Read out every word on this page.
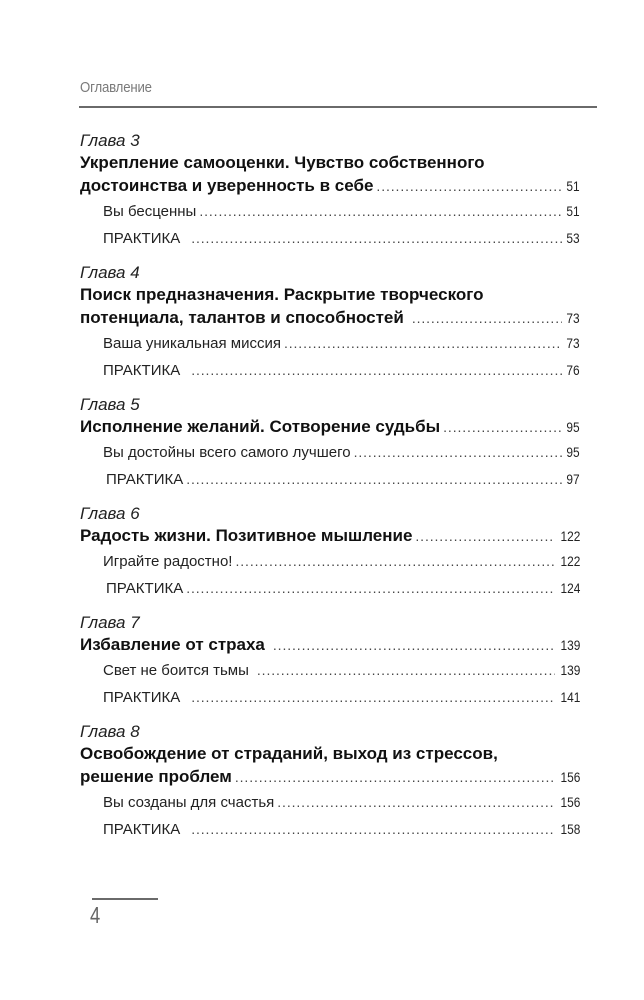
Оглавление
Глава 3
Укрепление самооценки. Чувство собственного
достоинства и уверенность в себе . . .	51
Вы бесценны . . .	51
ПРАКТИКА . . .	53
Глава 4
Поиск предназначения. Раскрытие творческого
потенциала, талантов и способностей . . .	73
Ваша уникальная миссия . . .	73
ПРАКТИКА . . .	76
Глава 5
Исполнение желаний. Сотворение судьбы . . .	95
Вы достойны всего самого лучшего . . .	95
ПРАКТИКА . . .	97
Глава 6
Радость жизни. Позитивное мышление . . .	122
Играйте радостно! . . .	122
ПРАКТИКА . . .	124
Глава 7
Избавление от страха . . .	139
Свет не боится тьмы . . .	139
ПРАКТИКА . . .	141
Глава 8
Освобождение от страданий, выход из стрессов,
решение проблем . . .	156
Вы созданы для счастья . . .	156
ПРАКТИКА . . .	158
4
